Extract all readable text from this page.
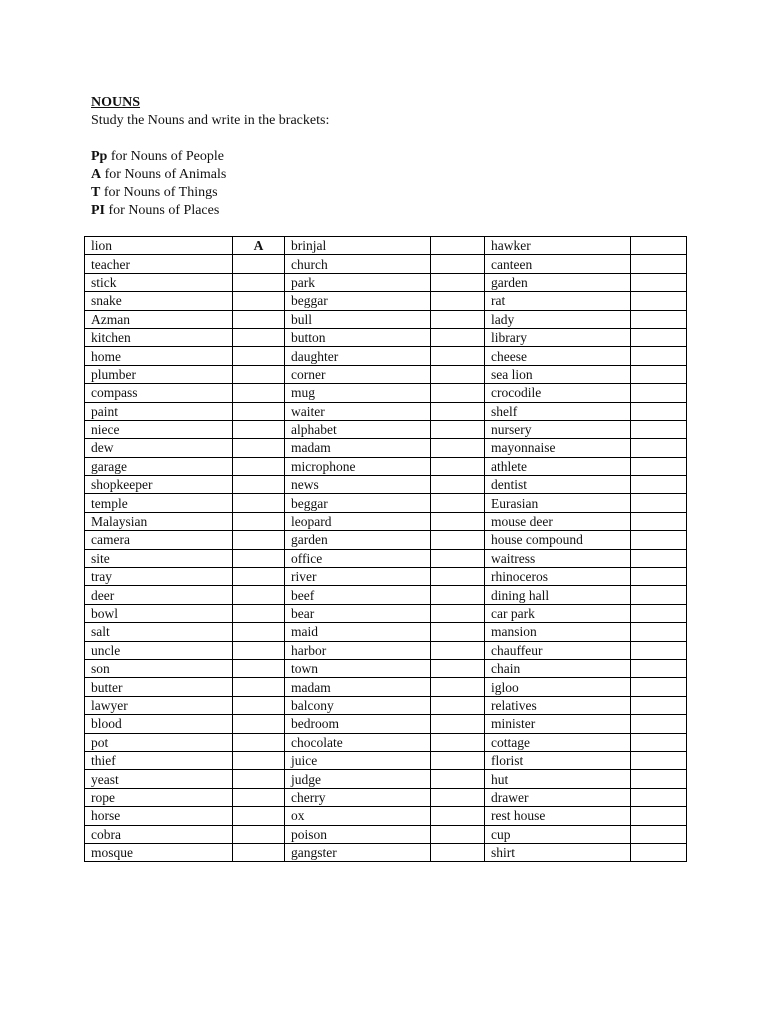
NOUNS
Study the Nouns and write in the brackets:
Pp for Nouns of People
A for Nouns of Animals
T for Nouns of Things
PI for Nouns of Places
lion	A	brinjal		hawker	
teacher		church		canteen	
stick		park		garden	
snake		beggar		rat	
Azman		bull		lady	
kitchen		button		library	
home		daughter		cheese	
plumber		corner		sea lion	
compass		mug		crocodile	
paint		waiter		shelf	
niece		alphabet		nursery	
dew		madam		mayonnaise	
garage		microphone		athlete	
shopkeeper		news		dentist	
temple		beggar		Eurasian	
Malaysian		leopard		mouse deer	
camera		garden		house compound	
site		office		waitress	
tray		river		rhinoceros	
deer		beef		dining hall	
bowl		bear		car park	
salt		maid		mansion	
uncle		harbor		chauffeur	
son		town		chain	
butter		madam		igloo	
lawyer		balcony		relatives	
blood		bedroom		minister	
pot		chocolate		cottage	
thief		juice		florist	
yeast		judge		hut	
rope		cherry		drawer	
horse		ox		rest house	
cobra		poison		cup	
mosque		gangster		shirt	
